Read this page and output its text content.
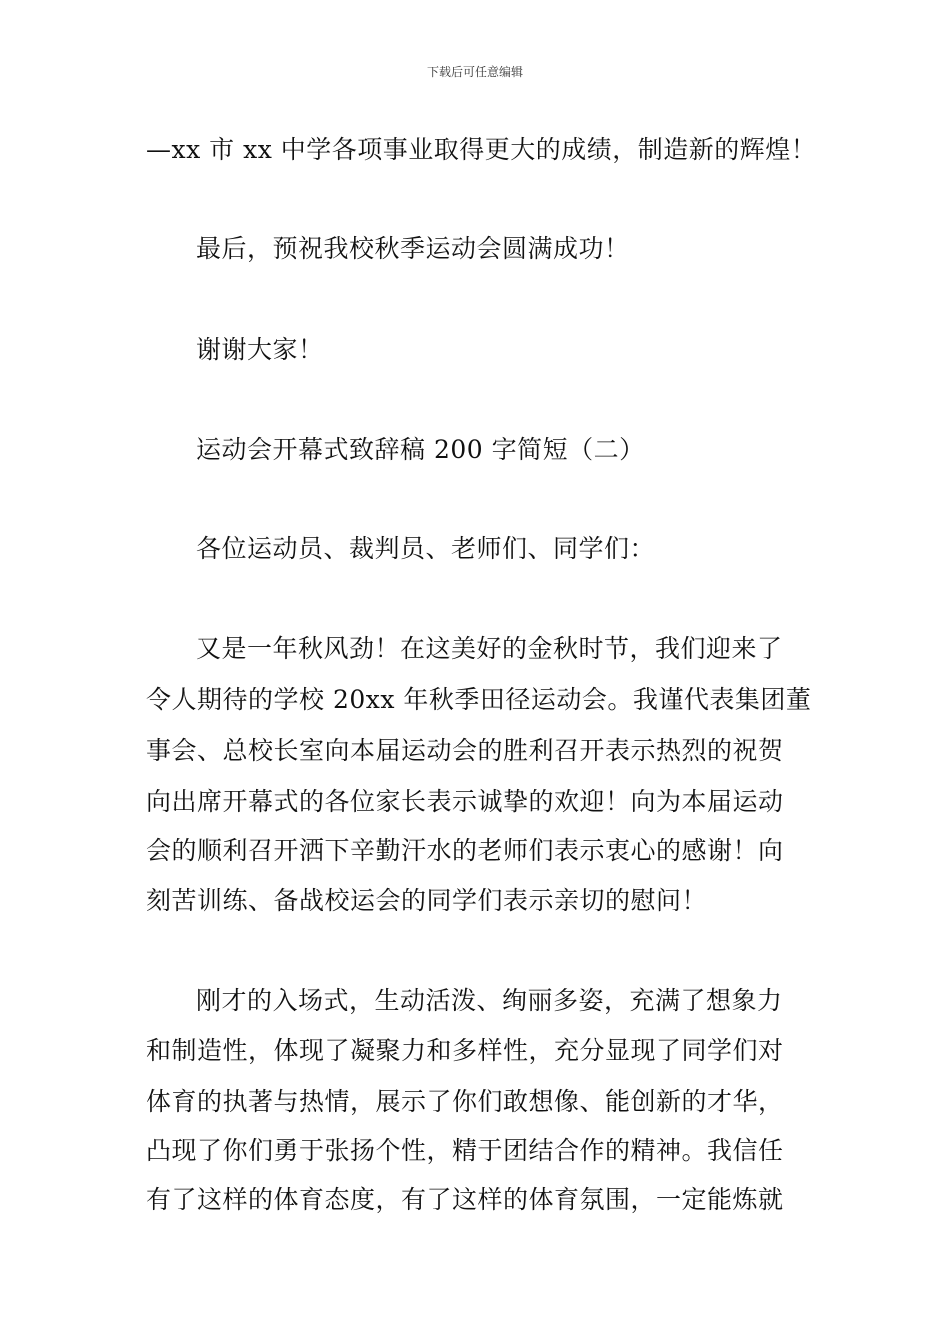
下载后可任意编辑

—xx 市 xx 中学各项事业取得更大的成绩，制造新的辉煌！

最后，预祝我校秋季运动会圆满成功！

谢谢大家！

运动会开幕式致辞稿 200 字简短（二）

各位运动员、裁判员、老师们、同学们：

又是一年秋风劲！在这美好的金秋时节，我们迎来了

令人期待的学校 20xx 年秋季田径运动会。我谨代表集团董

事会、总校长室向本届运动会的胜利召开表示热烈的祝贺

向出席开幕式的各位家长表示诚挚的欢迎！向为本届运动

会的顺利召开洒下辛勤汗水的老师们表示衷心的感谢！向

刻苦训练、备战校运会的同学们表示亲切的慰问！

刚才的入场式，生动活泼、绚丽多姿，充满了想象力

和制造性，体现了凝聚力和多样性，充分显现了同学们对

体育的执著与热情，展示了你们敢想像、能创新的才华，

凸现了你们勇于张扬个性，精于团结合作的精神。我信任

有了这样的体育态度，有了这样的体育氛围，一定能炼就
